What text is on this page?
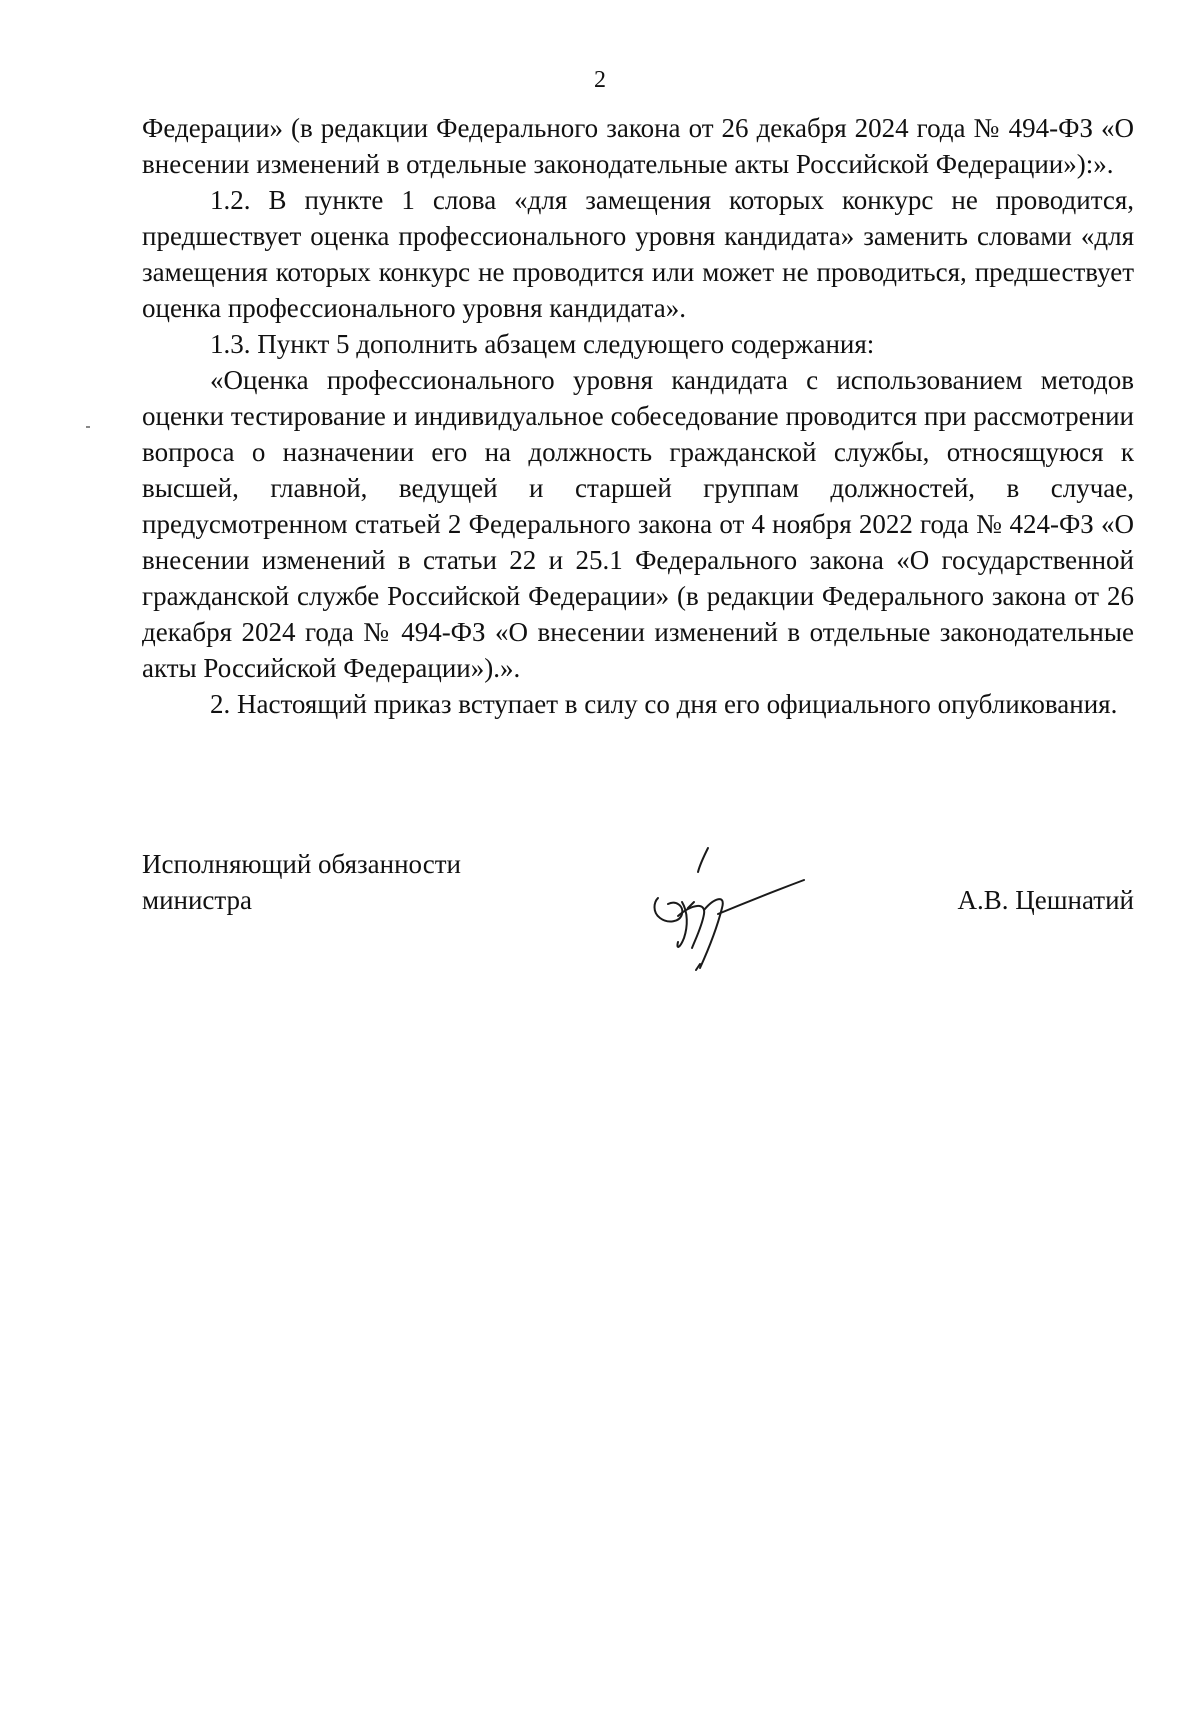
2

Федерации» (в редакции Федерального закона от 26 декабря 2024 года № 494-ФЗ «О внесении изменений в отдельные законодательные акты Российской Федерации»):».

1.2. В пункте 1 слова «для замещения которых конкурс не проводится, предшествует оценка профессионального уровня кандидата» заменить словами «для замещения которых конкурс не проводится или может не проводиться, предшествует оценка профессионального уровня кандидата».

1.3. Пункт 5 дополнить абзацем следующего содержания:

«Оценка профессионального уровня кандидата с использованием методов оценки тестирование и индивидуальное собеседование проводится при рассмотрении вопроса о назначении его на должность гражданской службы, относящуюся к высшей, главной, ведущей и старшей группам должностей, в случае, предусмотренном статьей 2 Федерального закона от 4 ноября 2022 года № 424-ФЗ «О внесении изменений в статьи 22 и 25.1 Федерального закона «О государственной гражданской службе Российской Федерации» (в редакции Федерального закона от 26 декабря 2024 года № 494-ФЗ «О внесении изменений в отдельные законодательные акты Российской Федерации»).».

2. Настоящий приказ вступает в силу со дня его официального опубликования.

Исполняющий обязанности
министра	А.В. Цешнатий
